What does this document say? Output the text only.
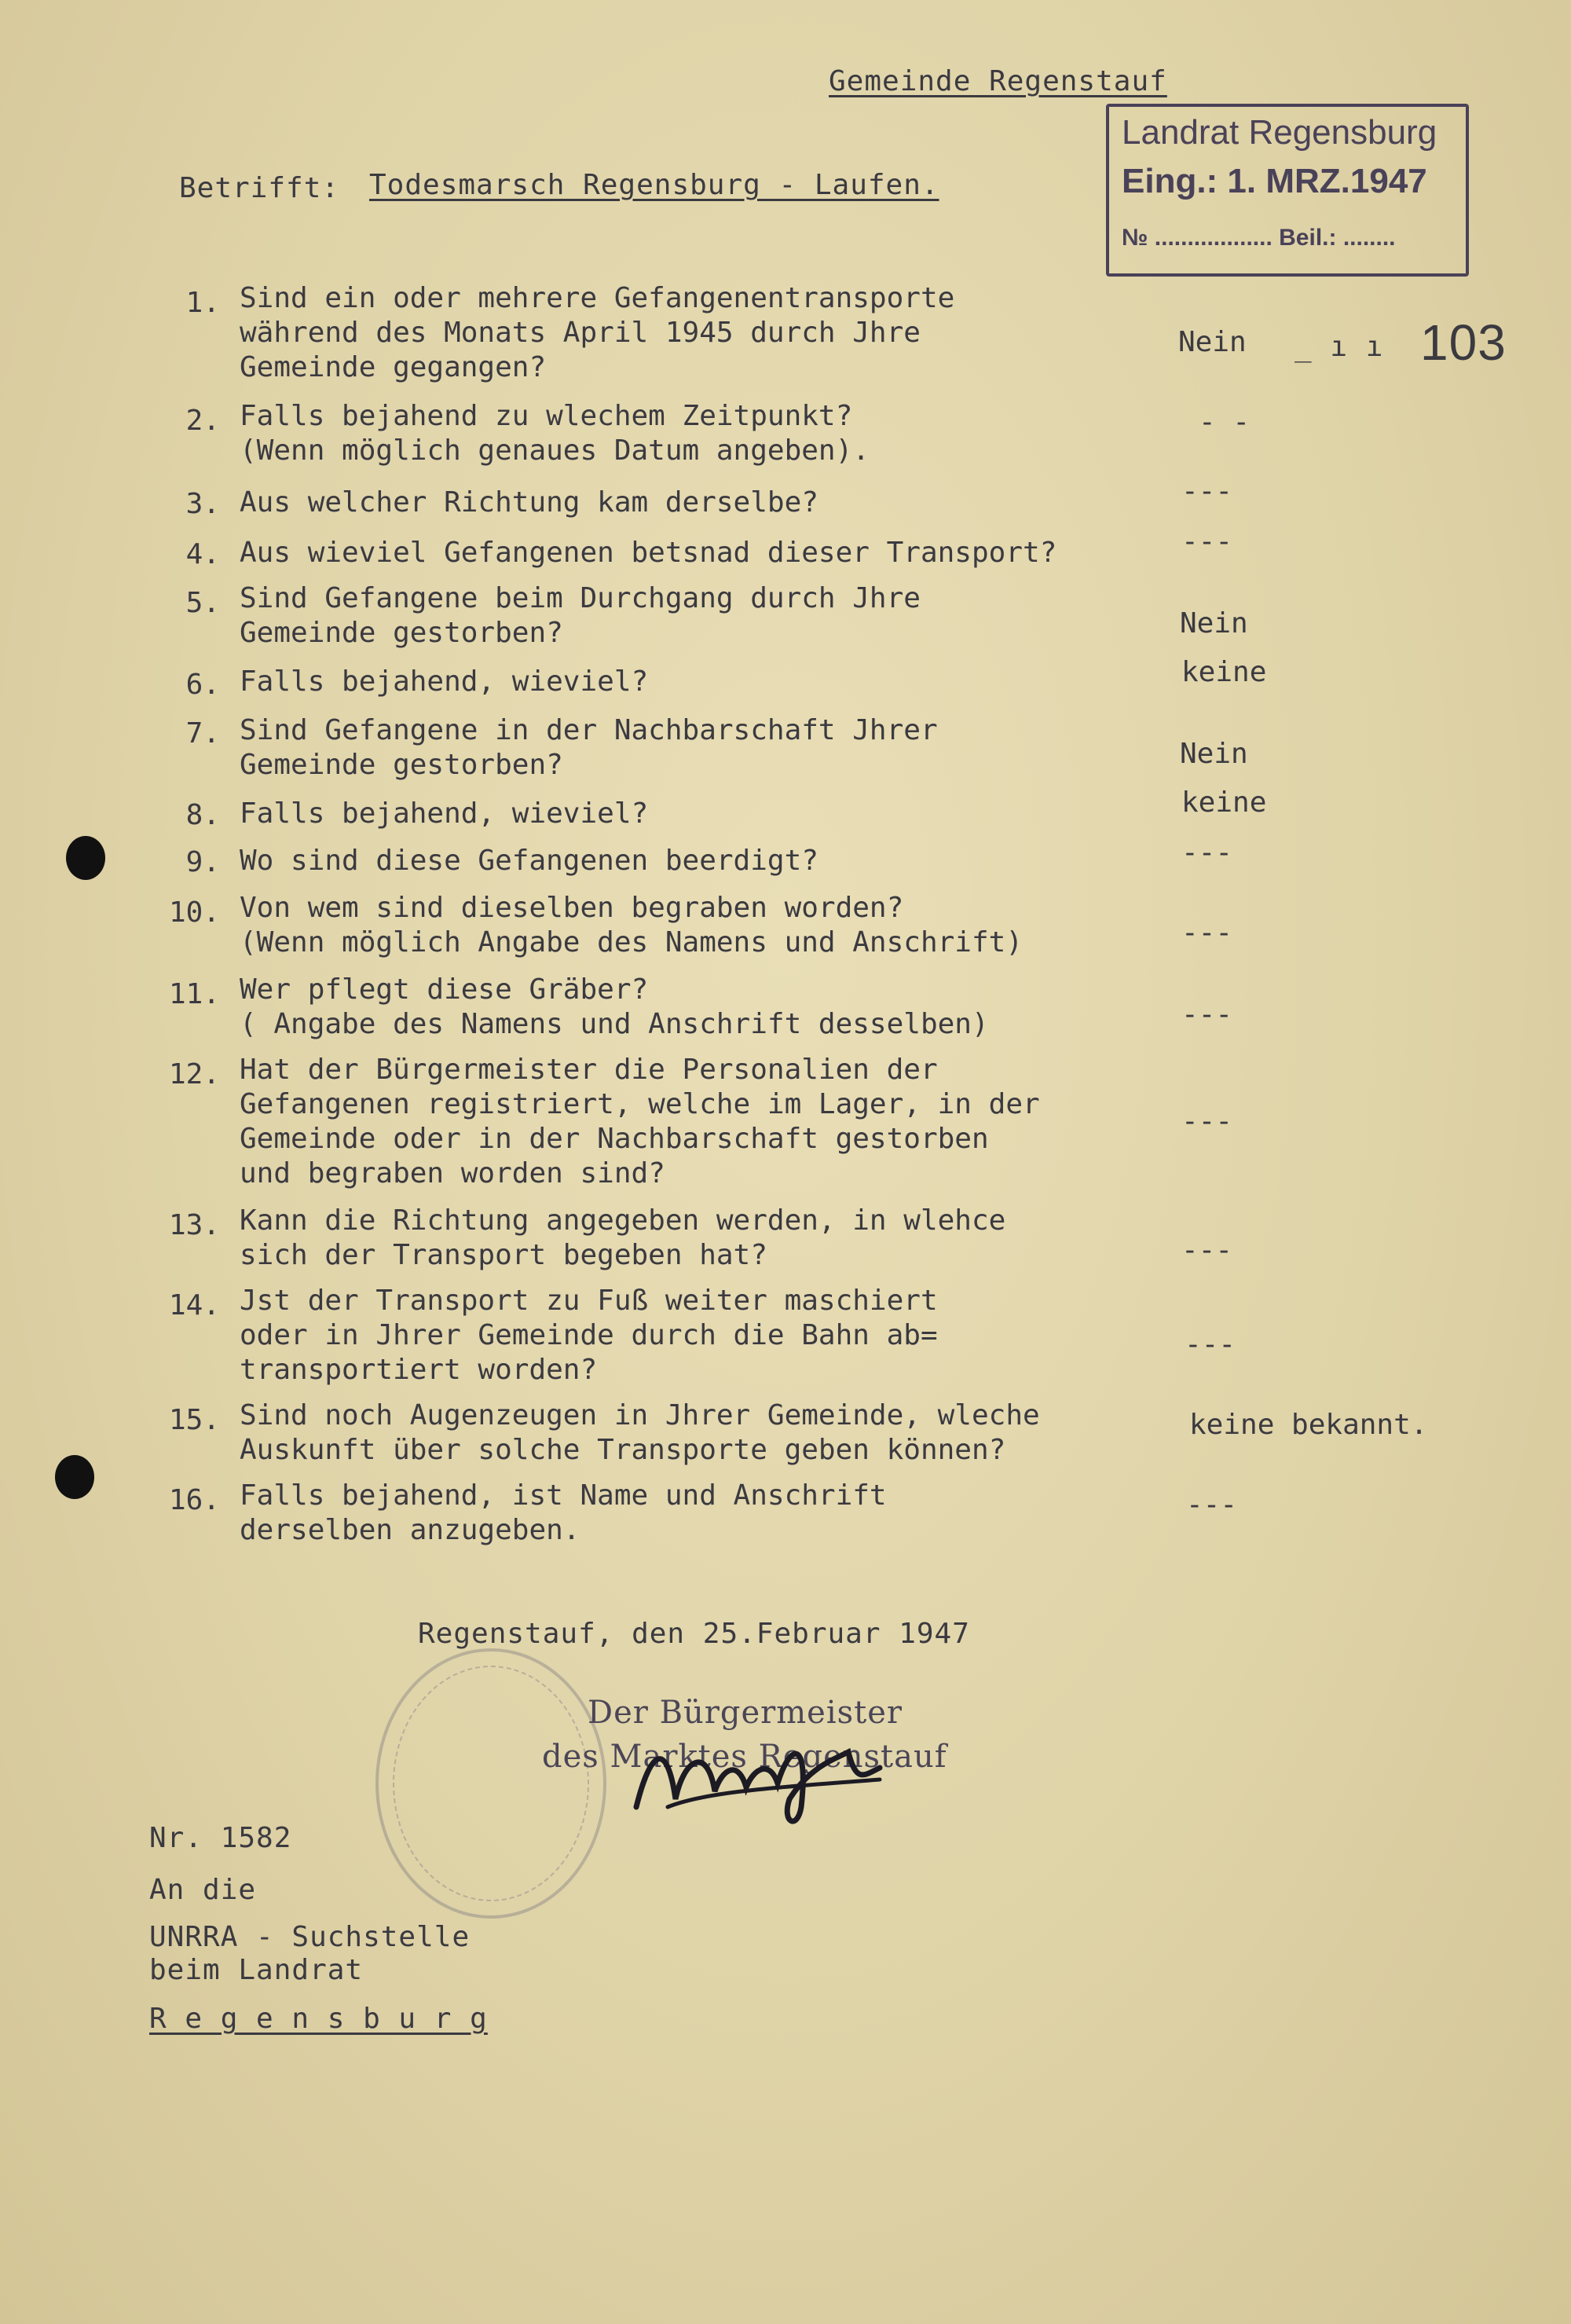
Gemeinde Regenstauf
Betrifft: Todesmarsch Regensburg - Laufen.
Landrat Regensburg
Eing.: 1. MRZ.1947
№ .................. Beil.: ........
_ ı ı 103
1. Sind ein oder mehrere Gefangenentransporte
während des Monats April 1945 durch Jhre
Gemeinde gegangen?
Nein
2. Falls bejahend zu wlechem Zeitpunkt?
(Wenn möglich genaues Datum angeben).
- -
3. Aus welcher Richtung kam derselbe?	---
4. Aus wieviel Gefangenen betsnad dieser Transport?	---
5. Sind Gefangene beim Durchgang durch Jhre
Gemeinde gestorben?	Nein
6. Falls bejahend, wieviel?	keine
7. Sind Gefangene in der Nachbarschaft Jhrer
Gemeinde gestorben?	Nein
8. Falls bejahend, wieviel?	keine
9. Wo sind diese Gefangenen beerdigt?	---
10. Von wem sind dieselben begraben worden?
(Wenn möglich Angabe des Namens und Anschrift)	---
11. Wer pflegt diese Gräber?
( Angabe des Namens und Anschrift desselben)	---
12. Hat der Bürgermeister die Personalien der
Gefangenen registriert, welche im Lager, in der
Gemeinde oder in der Nachbarschaft gestorben
und begraben worden sind?
---
13. Kann die Richtung angegeben werden, in wlehce
sich der Transport begeben hat?	---
14. Jst der Transport zu Fuß weiter maschiert
oder in Jhrer Gemeinde durch die Bahn ab=
transportiert worden?
---
15. Sind noch Augenzeugen in Jhrer Gemeinde, wleche
Auskunft über solche Transporte geben können?
keine bekannt.
16. Falls bejahend, ist Name und Anschrift
derselben anzugeben.
---
Regenstauf, den 25.Februar 1947
Der Bürgermeister
des Marktes Regenstauf
Nr. 1582
An die
UNRRA - Suchstelle
beim Landrat
R e g e n s b u r g
